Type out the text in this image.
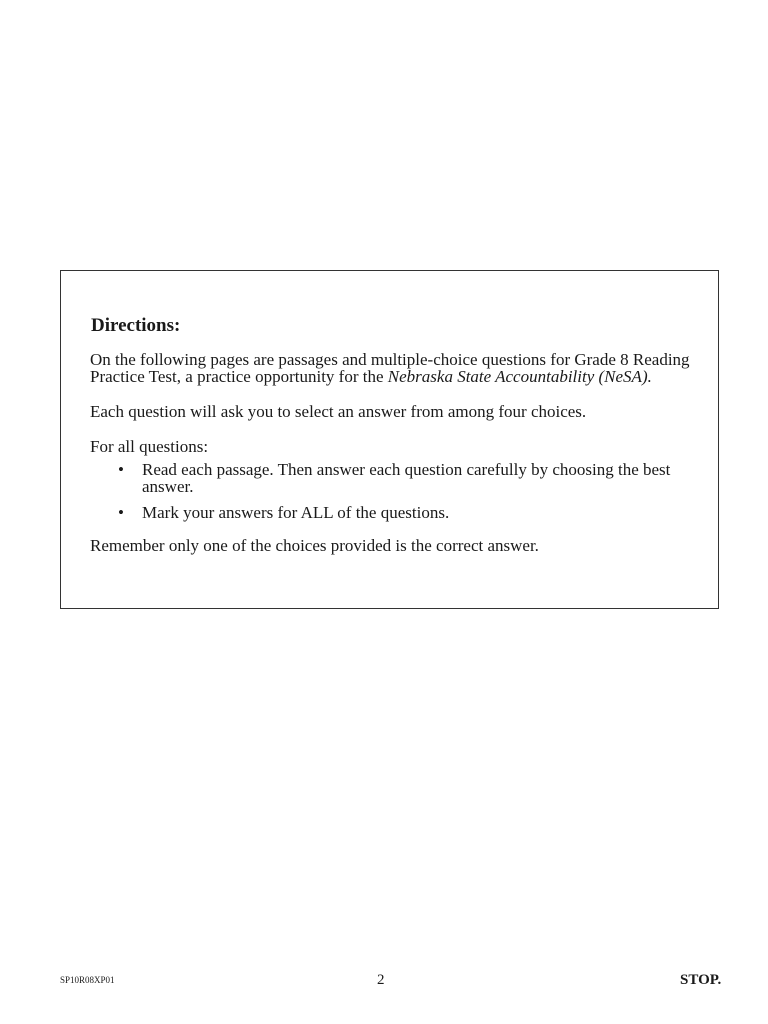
Directions:

On the following pages are passages and multiple-choice questions for Grade 8 Reading Practice Test, a practice opportunity for the Nebraska State Accountability (NeSA).

Each question will ask you to select an answer from among four choices.

For all questions:

• Read each passage. Then answer each question carefully by choosing the best answer.
• Mark your answers for ALL of the questions.

Remember only one of the choices provided is the correct answer.

SP10R08XP01	2	STOP.
